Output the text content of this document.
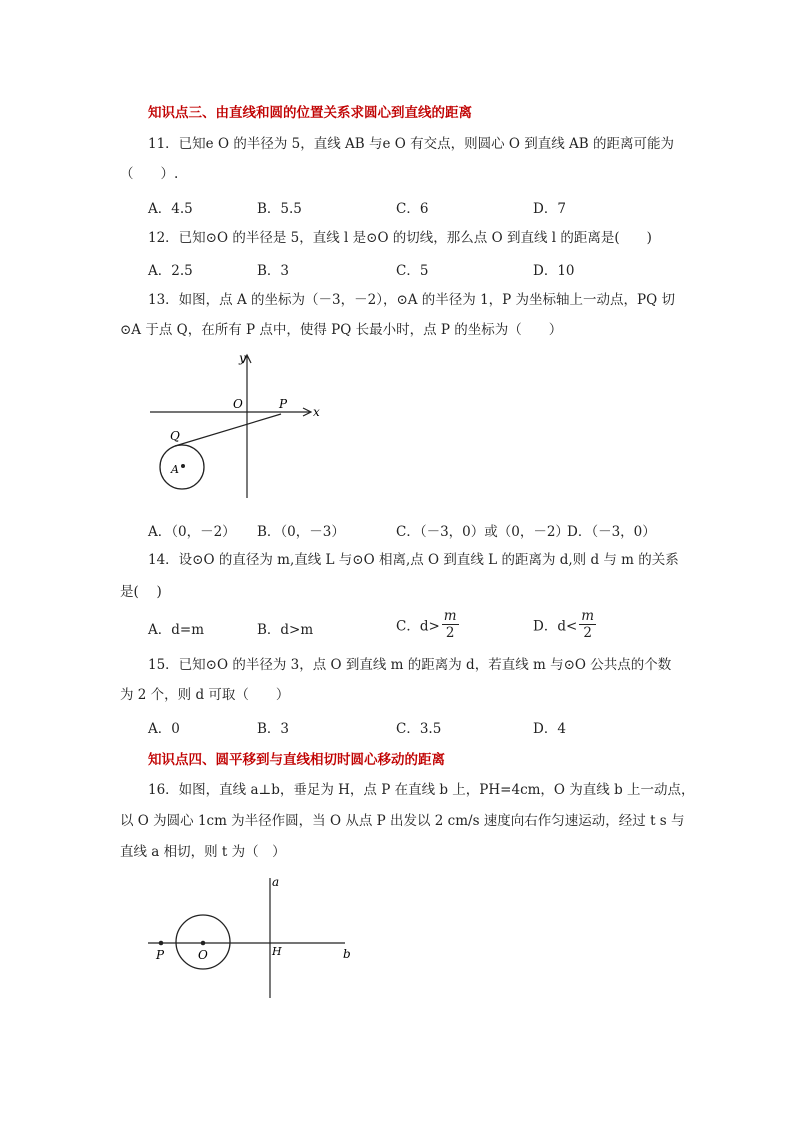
知识点三、由直线和圆的位置关系求圆心到直线的距离
11．已知e O 的半径为 5，直线 AB 与e O 有交点，则圆心 O 到直线 AB 的距离可能为
（　　）.
A．4.5	B．5.5	C．6	D．7
12．已知⊙O 的半径是 5，直线 l 是⊙O 的切线，那么点 O 到直线 l 的距离是(　　)
A．2.5	B．3	C．5	D．10
13．如图，点 A 的坐标为（－3，－2），⊙A 的半径为 1，P 为坐标轴上一动点，PQ 切
⊙A 于点 Q，在所有 P 点中，使得 PQ 长最小时，点 P 的坐标为（　　）
y
x
O	P
Q
A
A．（0，－2） B．（0，－3）	C．（－3，0）或（0，－2）
D．（－3，0）
14．设⊙O 的直径为 m,直线 L 与⊙O 相离,点 O 到直线 L 的距离为 d,则 d 与 m 的关系
是(　 )
A．d=m	B．d>m	C．$d> \frac{m}{2}$	D．$d< \frac{m}{2}$
15．已知⊙O 的半径为 3，点 O 到直线 m 的距离为 d，若直线 m 与⊙O 公共点的个数
为 2 个，则 d 可取（　　）
A．0	B．3	C．3.5	D．4
知识点四、圆平移到与直线相切时圆心移动的距离
16．如图，直线 a⊥b，垂足为 H，点 P 在直线 b 上，PH=4cm，O 为直线 b 上一动点，
以 O 为圆心 1cm 为半径作圆，当 O 从点 P 出发以 2 cm/s 速度向右作匀速运动，经过 t s 与
直线 a 相切，则 t 为（　）
a
b
H
P	O
